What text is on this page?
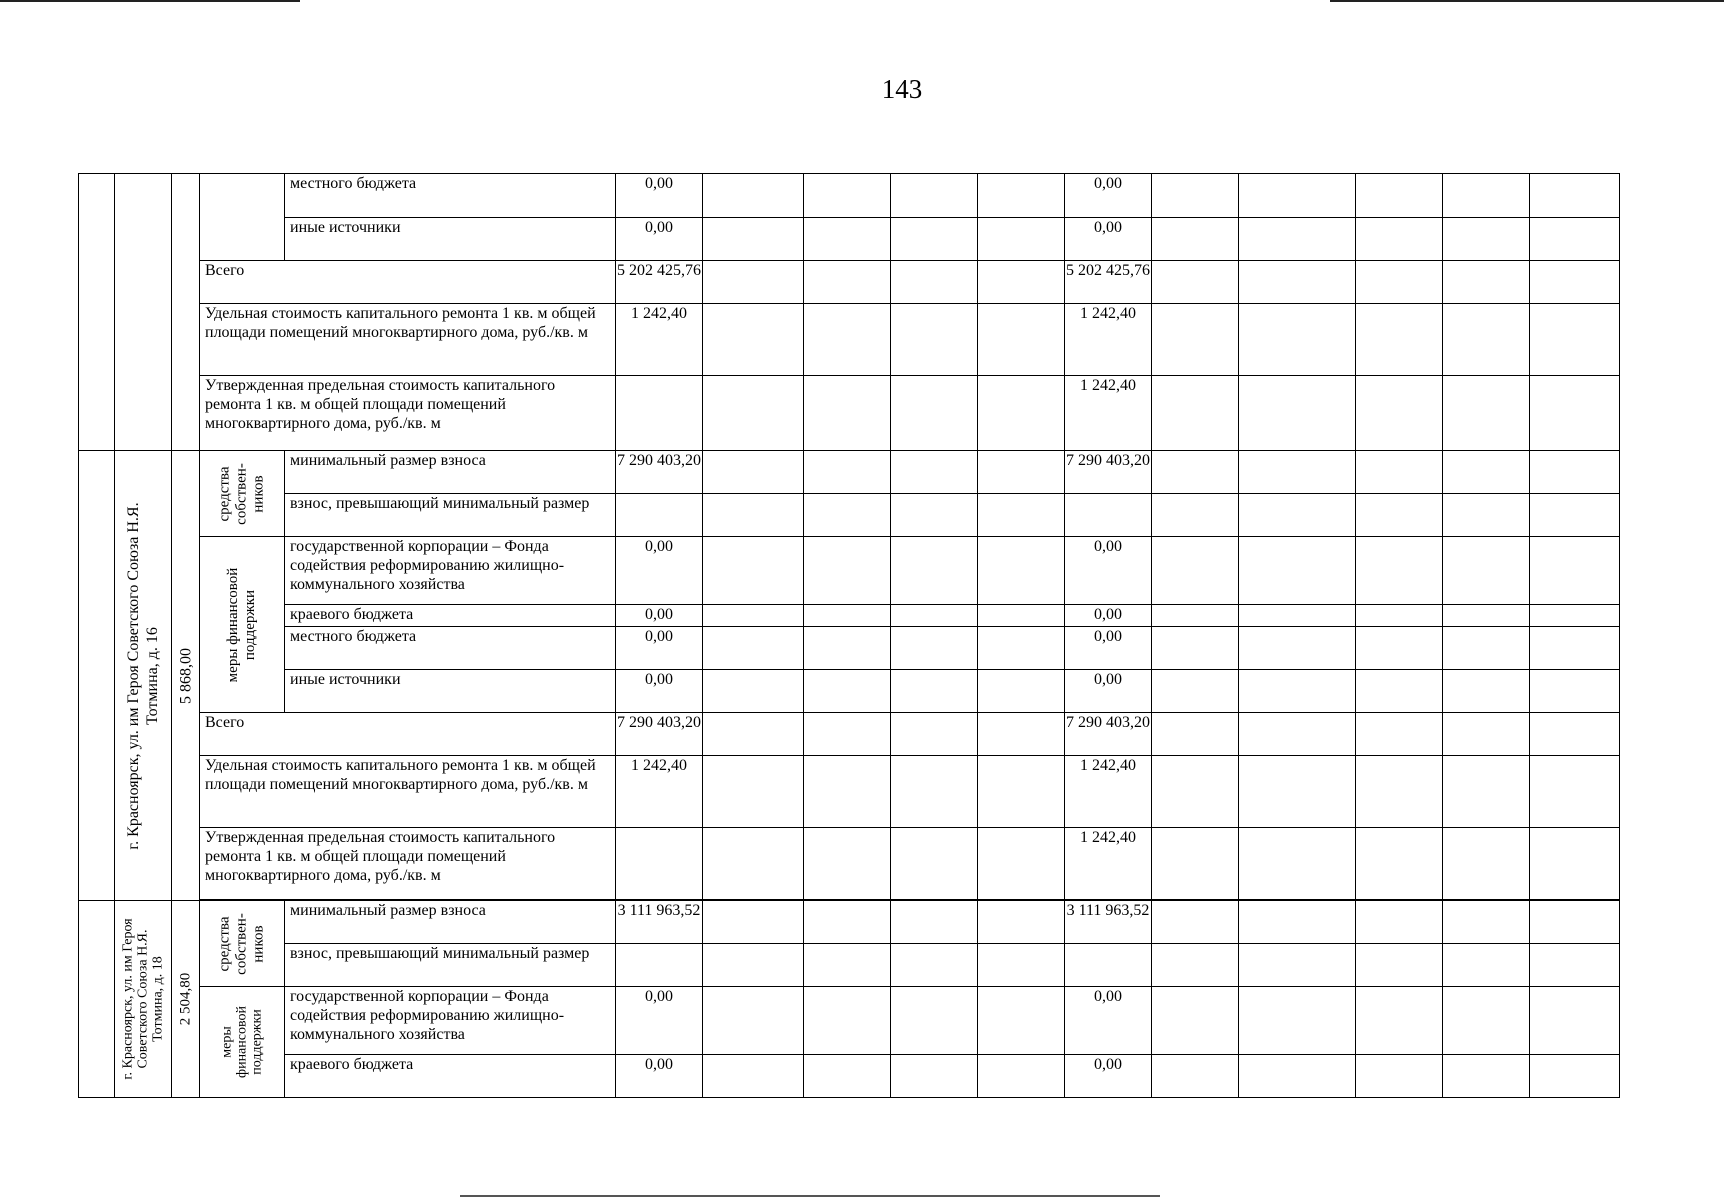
143
				местного бюджета	0,00					0,00					
				иные источники	0,00					0,00					
			Всего		5 202 425,76					5 202 425,76					
			Удельная стоимость капитального ремонта 1 кв. м общей площади помещений многоквартирного дома, руб./кв. м		1 242,40					1 242,40					
			Утвержденная предельная стоимость капитального ремонта 1 кв. м общей площади помещений многоквартирного дома, руб./кв. м							1 242,40					

	г. Красноярск, ул. им Героя Советского Союза Н.Я. Тотмина, д. 16	5 868,00	средства собствен- ников	минимальный размер взноса	7 290 403,20					7 290 403,20					
				взнос, превышающий минимальный размер											

			меры финансовой поддержки	государственной корпорации – Фонда содействия реформированию жилищно-коммунального хозяйства	0,00					0,00					
				краевого бюджета	0,00					0,00					
				местного бюджета	0,00					0,00					
				иные источники	0,00					0,00					
			Всего		7 290 403,20					7 290 403,20					
			Удельная стоимость капитального ремонта 1 кв. м общей площади помещений многоквартирного дома, руб./кв. м		1 242,40					1 242,40					
			Утвержденная предельная стоимость капитального ремонта 1 кв. м общей площади помещений многоквартирного дома, руб./кв. м							1 242,40					

	г. Красноярск, ул. им Героя Советского Союза Н.Я. Тотмина, д. 18	2 504,80	средства собствен- ников	минимальный размер взноса	3 111 963,52					3 111 963,52					
				взнос, превышающий минимальный размер											

			меры финансовой поддержки	государственной корпорации – Фонда содействия реформированию жилищно-коммунального хозяйства	0,00					0,00					
				краевого бюджета	0,00					0,00					
